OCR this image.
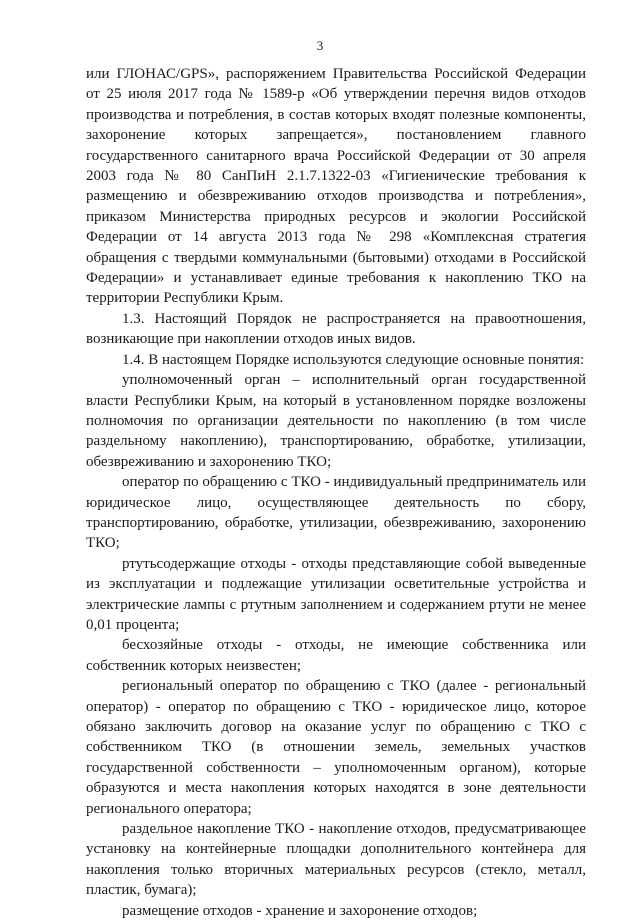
3

или ГЛОНАС/GPS», распоряжением Правительства Российской Федерации от 25 июля 2017 года № 1589-р «Об утверждении перечня видов отходов производства и потребления, в состав которых входят полезные компоненты, захоронение которых запрещается», постановлением главного государственного санитарного врача Российской Федерации от 30 апреля 2003 года № 80 СанПиН 2.1.7.1322-03 «Гигиенические требования к размещению и обезвреживанию отходов производства и потребления», приказом Министерства природных ресурсов и экологии Российской Федерации от 14 августа 2013 года № 298 «Комплексная стратегия обращения с твердыми коммунальными (бытовыми) отходами в Российской Федерации» и устанавливает единые требования к накоплению ТКО на территории Республики Крым.

1.3. Настоящий Порядок не распространяется на правоотношения, возникающие при накоплении отходов иных видов.

1.4. В настоящем Порядке используются следующие основные понятия:

уполномоченный орган – исполнительный орган государственной власти Республики Крым, на который в установленном порядке возложены полномочия по организации деятельности по накоплению (в том числе раздельному накоплению), транспортированию, обработке, утилизации, обезвреживанию и захоронению ТКО;

оператор по обращению с ТКО - индивидуальный предприниматель или юридическое лицо, осуществляющее деятельность по сбору, транспортированию, обработке, утилизации, обезвреживанию, захоронению ТКО;

ртутьсодержащие отходы - отходы представляющие собой выведенные из эксплуатации и подлежащие утилизации осветительные устройства и электрические лампы с ртутным заполнением и содержанием ртути не менее 0,01 процента;

бесхозяйные отходы - отходы, не имеющие собственника или собственник которых неизвестен;

региональный оператор по обращению с ТКО (далее - региональный оператор) - оператор по обращению с ТКО - юридическое лицо, которое обязано заключить договор на оказание услуг по обращению с ТКО с собственником ТКО (в отношении земель, земельных участков государственной собственности – уполномоченным органом), которые образуются и места накопления которых находятся в зоне деятельности регионального оператора;

раздельное накопление ТКО - накопление отходов, предусматривающее установку на контейнерные площадки дополнительного контейнера для накопления только вторичных материальных ресурсов (стекло, металл, пластик, бумага);

размещение отходов - хранение и захоронение отходов;
